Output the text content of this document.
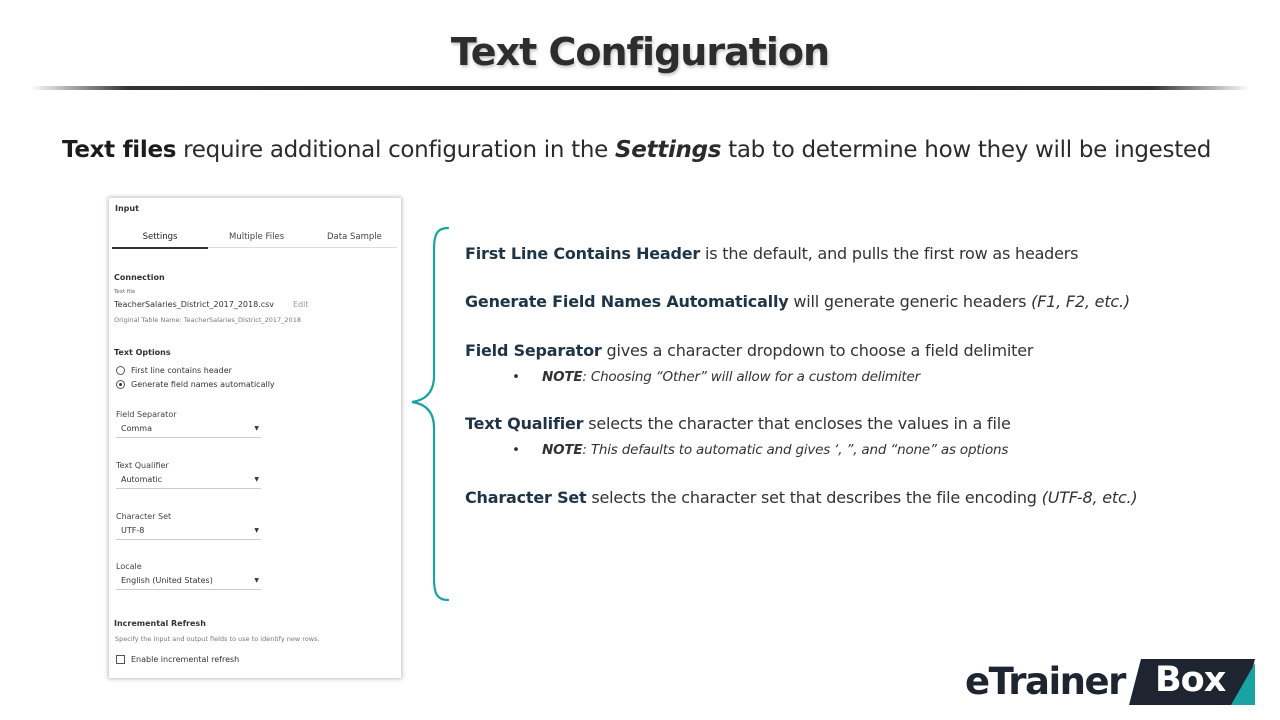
Text Configuration
Text files require additional configuration in the Settings tab to determine how they will be ingested
Input
Settings	Multiple Files	Data Sample
Connection
Text file
TeacherSalaries_District_2017_2018.csv Edit
Original Table Name: TeacherSalaries_District_2017_2018
Text Options
First line contains header
Generate field names automatically
Field Separator
Comma	▼
Text Qualifier
Automatic	▼
Character Set
UTF-8	▼
Locale
English (United States)	▼
Incremental Refresh
Specify the input and output fields to use to identify new rows.
Enable incremental refresh
First Line Contains Header is the default, and pulls the first row as headers
Generate Field Names Automatically will generate generic headers (F1, F2, etc.)
Field Separator gives a character dropdown to choose a field delimiter
• NOTE: Choosing “Other” will allow for a custom delimiter
Text Qualifier selects the character that encloses the values in a file
• NOTE: This defaults to automatic and gives ‘, ”, and “none” as options
Character Set selects the character set that describes the file encoding (UTF-8, etc.)
eTrainer Box
